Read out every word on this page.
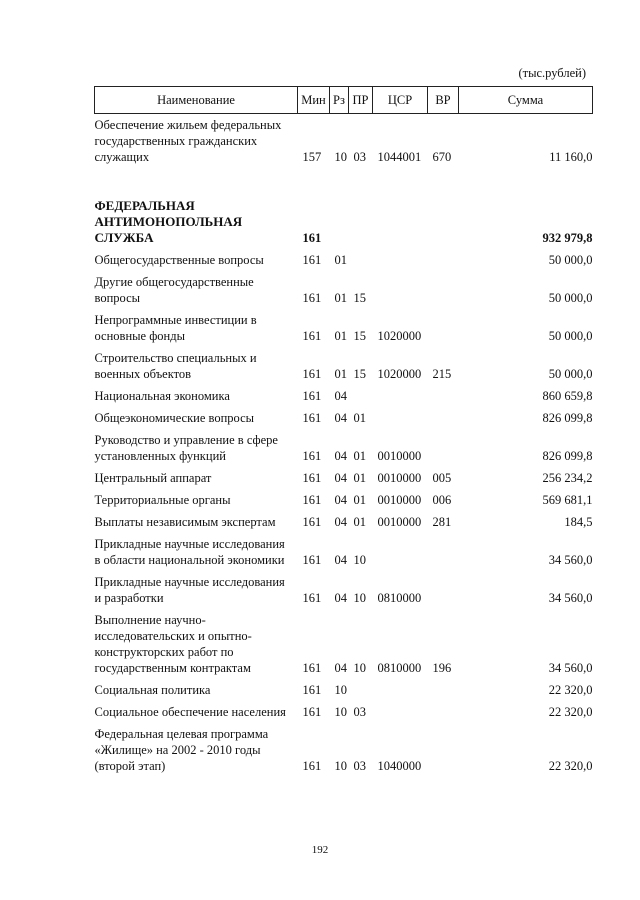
(тыс.рублей)
Наименование	Мин	Рз	ПР	ЦСР	ВР	Сумма
Обеспечение жильем федеральных государственных гражданских служащих	157	10	03	1044001	670	11 160,0
ФЕДЕРАЛЬНАЯ АНТИМОНОПОЛЬНАЯ СЛУЖБА	161					932 979,8
Общегосударственные вопросы	161	01				50 000,0
Другие общегосударственные вопросы	161	01	15			50 000,0
Непрограммные инвестиции в основные фонды	161	01	15	1020000		50 000,0
Строительство специальных и военных объектов	161	01	15	1020000	215	50 000,0
Национальная экономика	161	04				860 659,8
Общеэкономические вопросы	161	04	01			826 099,8
Руководство и управление в сфере установленных функций	161	04	01	0010000		826 099,8
Центральный аппарат	161	04	01	0010000	005	256 234,2
Территориальные органы	161	04	01	0010000	006	569 681,1
Выплаты независимым экспертам	161	04	01	0010000	281	184,5
Прикладные научные исследования в области национальной экономики	161	04	10			34 560,0
Прикладные научные исследования и разработки	161	04	10	0810000		34 560,0
Выполнение научно-исследовательских и опытно-конструкторских работ по государственным контрактам	161	04	10	0810000	196	34 560,0
Социальная политика	161	10				22 320,0
Социальное обеспечение населения	161	10	03			22 320,0
Федеральная целевая программа «Жилище» на 2002 - 2010 годы (второй этап)	161	10	03	1040000		22 320,0
192
